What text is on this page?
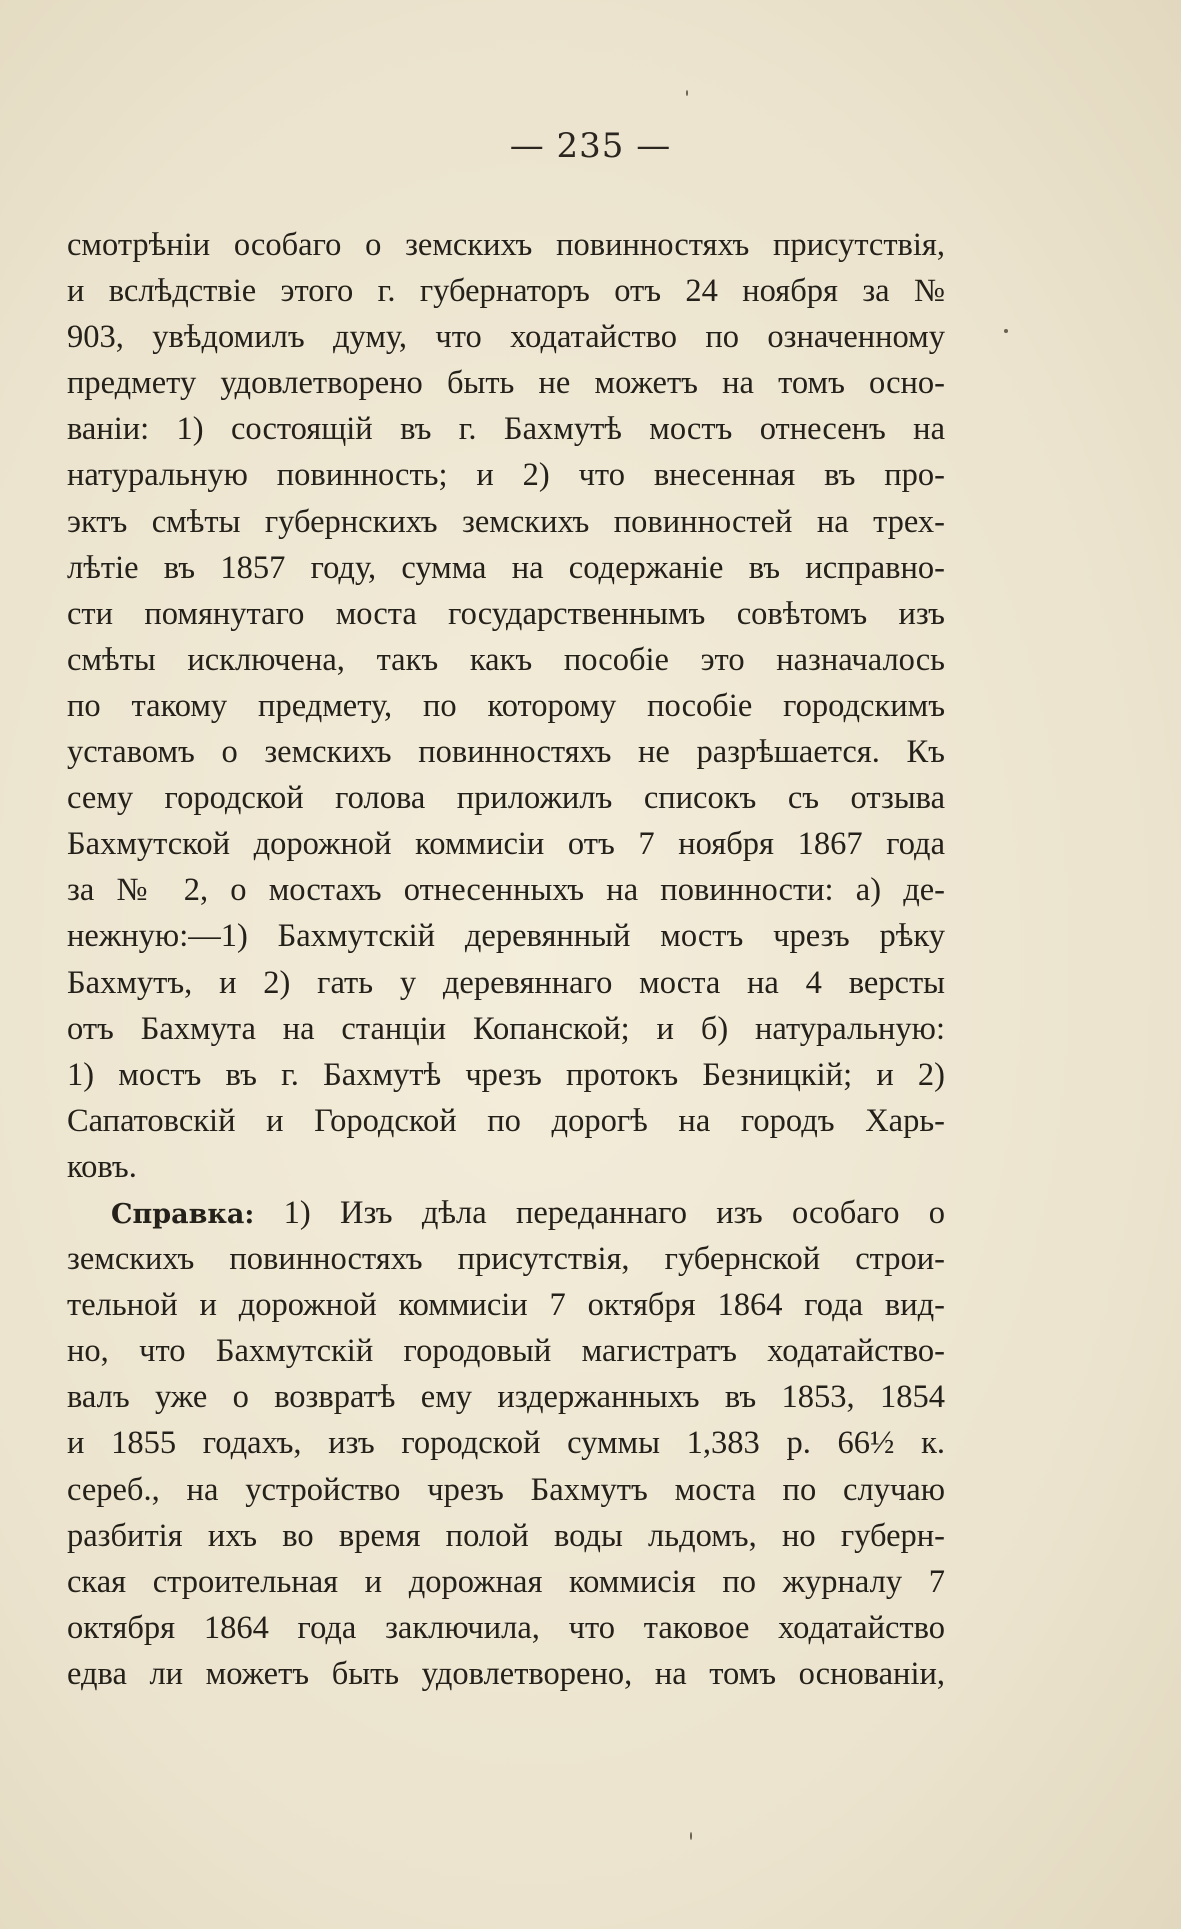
— 235 —
смотрѣніи особаго о земскихъ повинностяхъ присутствія,
и вслѣдствіе этого г. губернаторъ отъ 24 ноября за №
903, увѣдомилъ думу, что ходатайство по означенному
предмету удовлетворено быть не можетъ на томъ осно-
ваніи: 1) состоящій въ г. Бахмутѣ мостъ отнесенъ на
натуральную повинность; и 2) что внесенная въ про-
эктъ смѣты губернскихъ земскихъ повинностей на трех-
лѣтіе въ 1857 году, сумма на содержаніе въ исправно-
сти помянутаго моста государственнымъ совѣтомъ изъ
смѣты исключена, такъ какъ пособіе это назначалось
по такому предмету, по которому пособіе городскимъ
уставомъ о земскихъ повинностяхъ не разрѣшается. Къ
сему городской голова приложилъ списокъ съ отзыва
Бахмутской дорожной коммисіи отъ 7 ноября 1867 года
за № 2, о мостахъ отнесенныхъ на повинности: а) де-
нежную:—1) Бахмутскій деревянный мостъ чрезъ рѣку
Бахмутъ, и 2) гать у деревяннаго моста на 4 версты
отъ Бахмута на станціи Копанской; и б) натуральную:
1) мостъ въ г. Бахмутѣ чрезъ протокъ Безницкій; и 2)
Сапатовскій и Городской по дорогѣ на городъ Харь-
ковъ.
Справка: 1) Изъ дѣла переданнаго изъ особаго о
земскихъ повинностяхъ присутствія, губернской строи-
тельной и дорожной коммисіи 7 октября 1864 года вид-
но, что Бахмутскій городовый магистратъ ходатайство-
валъ уже о возвратѣ ему издержанныхъ въ 1853, 1854
и 1855 годахъ, изъ городской суммы 1,383 р. 66½ к.
сереб., на устройство чрезъ Бахмутъ моста по случаю
разбитія ихъ во время полой воды льдомъ, но губерн-
ская строительная и дорожная коммисія по журналу 7
октября 1864 года заключила, что таковое ходатайство
едва ли можетъ быть удовлетворено, на томъ основаніи,
